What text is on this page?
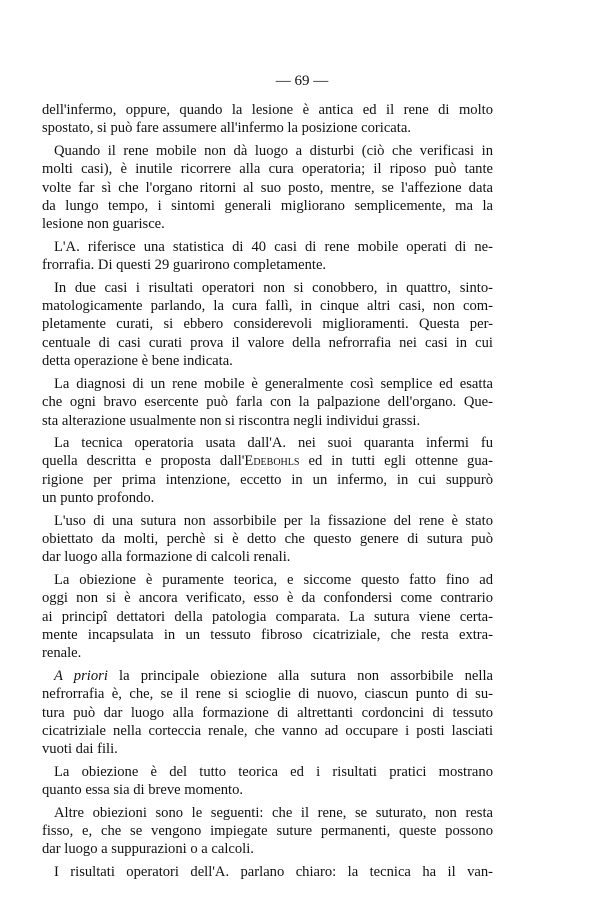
— 69 —
dell'infermo, oppure, quando la lesione è antica ed il rene di molto
spostato, si può fare assumere all'infermo la posizione coricata.
Quando il rene mobile non dà luogo a disturbi (ciò che verificasi in
molti casi), è inutile ricorrere alla cura operatoria; il riposo può tante
volte far sì che l'organo ritorni al suo posto, mentre, se l'affezione data
da lungo tempo, i sintomi generali migliorano semplicemente, ma la
lesione non guarisce.
L'A. riferisce una statistica di 40 casi di rene mobile operati di ne-
frorrafia. Di questi 29 guarirono completamente.
In due casi i risultati operatori non si conobbero, in quattro, sinto-
matologicamente parlando, la cura fallì, in cinque altri casi, non com-
pletamente curati, si ebbero considerevoli miglioramenti. Questa per-
centuale di casi curati prova il valore della nefrorrafia nei casi in cui
detta operazione è bene indicata.
La diagnosi di un rene mobile è generalmente così semplice ed esatta
che ogni bravo esercente può farla con la palpazione dell'organo. Que-
sta alterazione usualmente non si riscontra negli individui grassi.
La tecnica operatoria usata dall'A. nei suoi quaranta infermi fu
quella descritta e proposta dall'Edebohls ed in tutti egli ottenne gua-
rigione per prima intenzione, eccetto in un infermo, in cui suppurò
un punto profondo.
L'uso di una sutura non assorbibile per la fissazione del rene è stato
obiettato da molti, perchè si è detto che questo genere di sutura può
dar luogo alla formazione di calcoli renali.
La obiezione è puramente teorica, e siccome questo fatto fino ad
oggi non si è ancora verificato, esso è da confondersi come contrario
ai principî dettatori della patologia comparata. La sutura viene certa-
mente incapsulata in un tessuto fibroso cicatriziale, che resta extra-
renale.
A priori la principale obiezione alla sutura non assorbibile nella
nefrorrafia è, che, se il rene si scioglie di nuovo, ciascun punto di su-
tura può dar luogo alla formazione di altrettanti cordoncini di tessuto
cicatriziale nella corteccia renale, che vanno ad occupare i posti lasciati
vuoti dai fili.
La obiezione è del tutto teorica ed i risultati pratici mostrano
quanto essa sia di breve momento.
Altre obiezioni sono le seguenti: che il rene, se suturato, non resta
fisso, e, che se vengono impiegate suture permanenti, queste possono
dar luogo a suppurazioni o a calcoli.
I risultati operatori dell'A. parlano chiaro: la tecnica ha il van-
